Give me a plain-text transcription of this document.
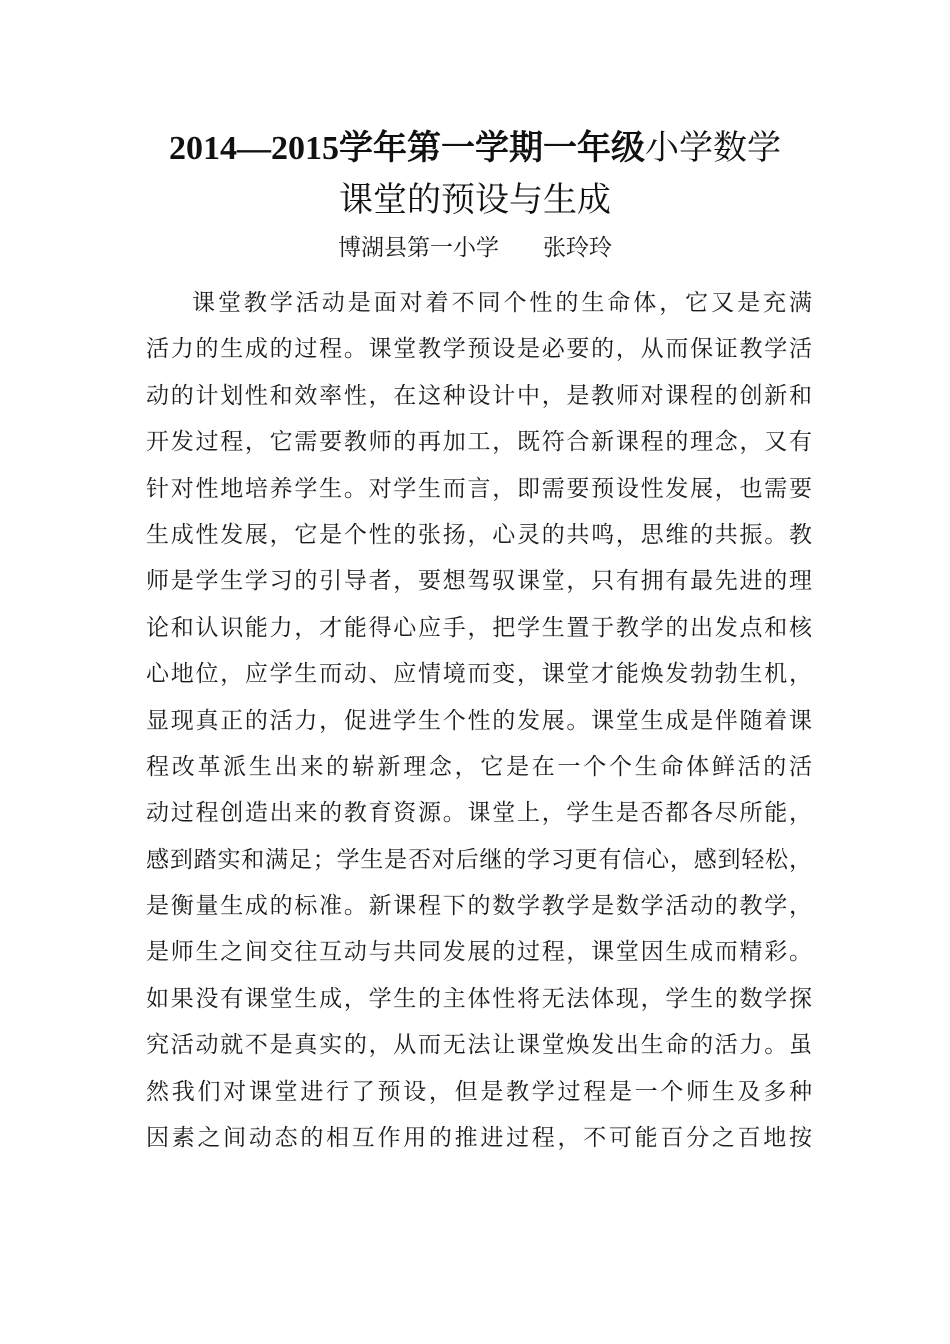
2014—2015学年第一学期一年级小学数学
课堂的预设与生成
博湖县第一小学 张玲玲
课堂教学活动是面对着不同个性的生命体，它又是充满
活力的生成的过程。课堂教学预设是必要的，从而保证教学活
动的计划性和效率性，在这种设计中，是教师对课程的创新和
开发过程，它需要教师的再加工，既符合新课程的理念，又有
针对性地培养学生。对学生而言，即需要预设性发展，也需要
生成性发展，它是个性的张扬，心灵的共鸣，思维的共振。教
师是学生学习的引导者，要想驾驭课堂，只有拥有最先进的理
论和认识能力，才能得心应手，把学生置于教学的出发点和核
心地位，应学生而动、应情境而变，课堂才能焕发勃勃生机，
显现真正的活力，促进学生个性的发展。课堂生成是伴随着课
程改革派生出来的崭新理念，它是在一个个生命体鲜活的活
动过程创造出来的教育资源。课堂上，学生是否都各尽所能，
感到踏实和满足；学生是否对后继的学习更有信心，感到轻松，
是衡量生成的标准。新课程下的数学教学是数学活动的教学，
是师生之间交往互动与共同发展的过程，课堂因生成而精彩。
如果没有课堂生成，学生的主体性将无法体现，学生的数学探
究活动就不是真实的，从而无法让课堂焕发出生命的活力。虽
然我们对课堂进行了预设，但是教学过程是一个师生及多种
因素之间动态的相互作用的推进过程，不可能百分之百地按
